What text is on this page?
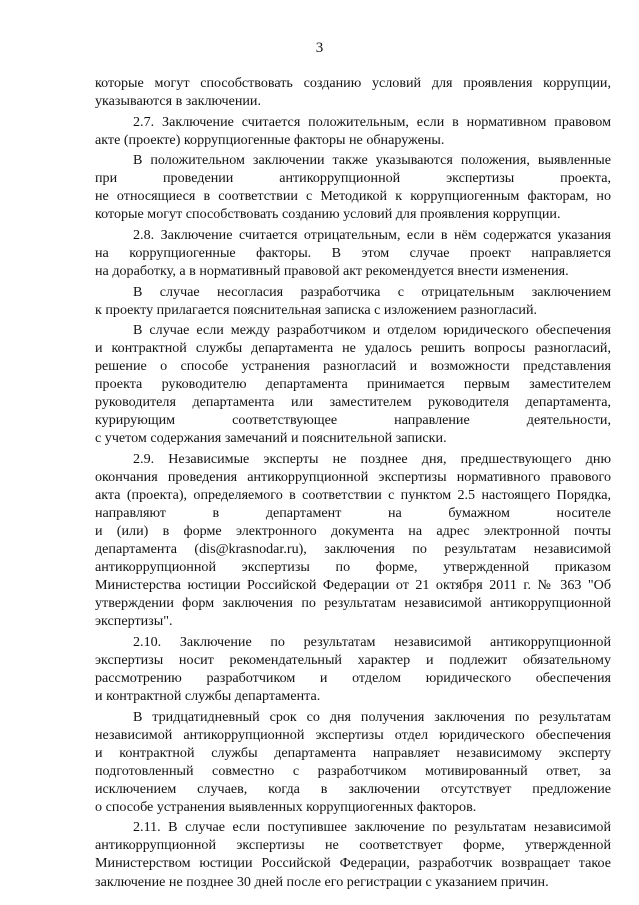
3

которые могут способствовать созданию условий для проявления коррупции,
указываются в заключении.

2.7. Заключение считается положительным, если в нормативном правовом
акте (проекте) коррупциогенные факторы не обнаружены.

В положительном заключении также указываются положения, выявленные
при проведении антикоррупционной экспертизы проекта,
не относящиеся в соответствии с Методикой к коррупциогенным факторам, но
которые могут способствовать созданию условий для проявления коррупции.

2.8. Заключение считается отрицательным, если в нём содержатся указания
на коррупциогенные факторы. В этом случае проект направляется
на доработку, а в нормативный правовой акт рекомендуется внести изменения.

В случае несогласия разработчика с отрицательным заключением
к проекту прилагается пояснительная записка с изложением разногласий.

В случае если между разработчиком и отделом юридического обеспечения
и контрактной службы департамента не удалось решить вопросы разногласий,
решение о способе устранения разногласий и возможности представления
проекта руководителю департамента принимается первым заместителем
руководителя департамента или заместителем руководителя департамента,
курирующим соответствующее направление деятельности,
с учетом содержания замечаний и пояснительной записки.

2.9. Независимые эксперты не позднее дня, предшествующего дню
окончания проведения антикоррупционной экспертизы нормативного правового
акта (проекта), определяемого в соответствии с пунктом 2.5 настоящего Порядка,
направляют в департамент на бумажном носителе
и (или) в форме электронного документа на адрес электронной почты
департамента (dis@krasnodar.ru), заключения по результатам независимой
антикоррупционной экспертизы по форме, утвержденной приказом
Министерства юстиции Российской Федерации от 21 октября 2011 г. № 363 "Об
утверждении форм заключения по результатам независимой антикоррупционной
экспертизы".

2.10. Заключение по результатам независимой антикоррупционной
экспертизы носит рекомендательный характер и подлежит обязательному
рассмотрению разработчиком и отделом юридического обеспечения
и контрактной службы департамента.

В тридцатидневный срок со дня получения заключения по результатам
независимой антикоррупционной экспертизы отдел юридического обеспечения
и контрактной службы департамента направляет независимому эксперту
подготовленный совместно с разработчиком мотивированный ответ, за
исключением случаев, когда в заключении отсутствует предложение
о способе устранения выявленных коррупциогенных факторов.

2.11. В случае если поступившее заключение по результатам независимой
антикоррупционной экспертизы не соответствует форме, утвержденной
Министерством юстиции Российской Федерации, разработчик возвращает такое
заключение не позднее 30 дней после его регистрации с указанием причин.
